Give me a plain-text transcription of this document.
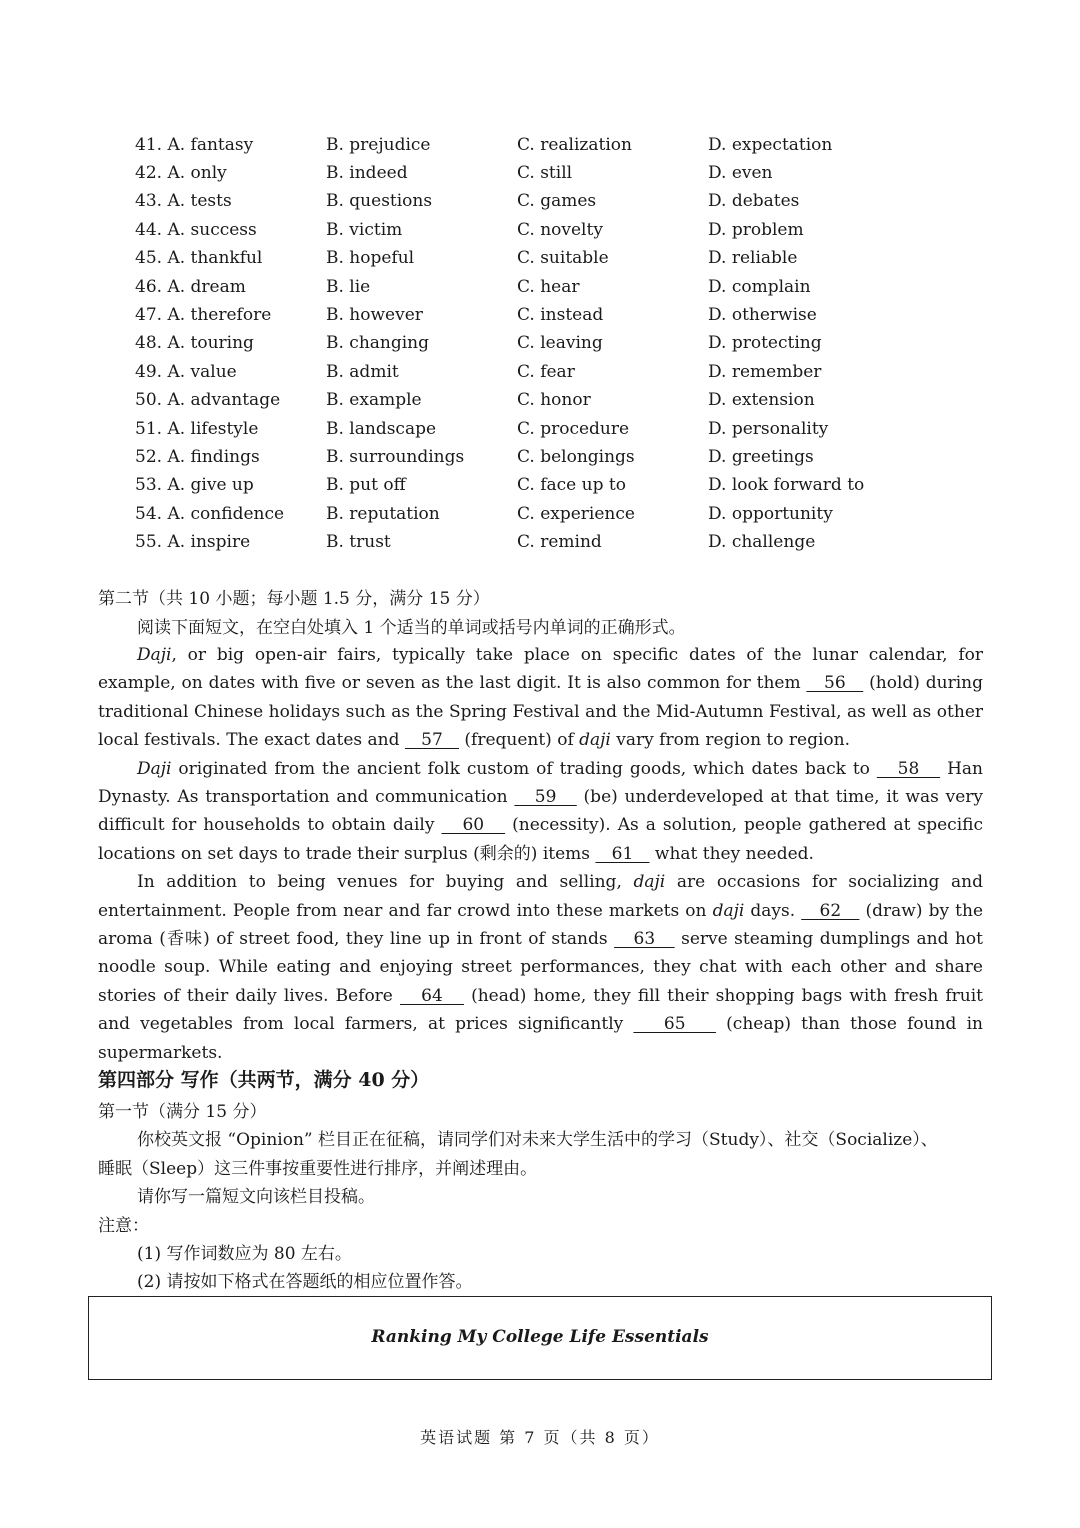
41. A. fantasy	B. prejudice	C. realization	D. expectation
42. A. only	B. indeed	C. still	D. even
43. A. tests	B. questions	C. games	D. debates
44. A. success	B. victim	C. novelty	D. problem
45. A. thankful	B. hopeful	C. suitable	D. reliable
46. A. dream	B. lie	C. hear	D. complain
47. A. therefore	B. however	C. instead	D. otherwise
48. A. touring	B. changing	C. leaving	D. protecting
49. A. value	B. admit	C. fear	D. remember
50. A. advantage	B. example	C. honor	D. extension
51. A. lifestyle	B. landscape	C. procedure	D. personality
52. A. findings	B. surroundings	C. belongings	D. greetings
53. A. give up	B. put off	C. face up to	D. look forward to
54. A. confidence	B. reputation	C. experience	D. opportunity
55. A. inspire	B. trust	C. remind	D. challenge
第二节（共 10 小题；每小题 1.5 分，满分 15 分）
阅读下面短文，在空白处填入 1 个适当的单词或括号内单词的正确形式。

Daji, or big open-air fairs, typically take place on specific dates of the lunar calendar, for example, on dates with five or seven as the last digit. It is also common for them    56    (hold) during traditional Chinese holidays such as the Spring Festival and the Mid-Autumn Festival, as well as other local festivals. The exact dates and    57    (frequent) of daji vary from region to region.

Daji originated from the ancient folk custom of trading goods, which dates back to    58    Han Dynasty. As transportation and communication    59    (be) underdeveloped at that time, it was very difficult for households to obtain daily    60    (necessity). As a solution, people gathered at specific locations on set days to trade their surplus (剩余的) items    61    what they needed.

In addition to being venues for buying and selling, daji are occasions for socializing and entertainment. People from near and far crowd into these markets on daji days.    62    (draw) by the aroma (香味) of street food, they line up in front of stands    63    serve steaming dumplings and hot noodle soup. While eating and enjoying street performances, they chat with each other and share stories of their daily lives. Before    64    (head) home, they fill their shopping bags with fresh fruit and vegetables from local farmers, at prices significantly    65    (cheap) than those found in supermarkets.

第四部分 写作（共两节，满分 40 分）
第一节（满分 15 分）
你校英文报 “Opinion” 栏目正在征稿，请同学们对未来大学生活中的学习（Study）、社交（Socialize）、
睡眠（Sleep）这三件事按重要性进行排序，并阐述理由。
请你写一篇短文向该栏目投稿。
注意：
(1) 写作词数应为 80 左右。
(2) 请按如下格式在答题纸的相应位置作答。
Ranking My College Life Essentials
英语试题 第 7 页（共 8 页）
